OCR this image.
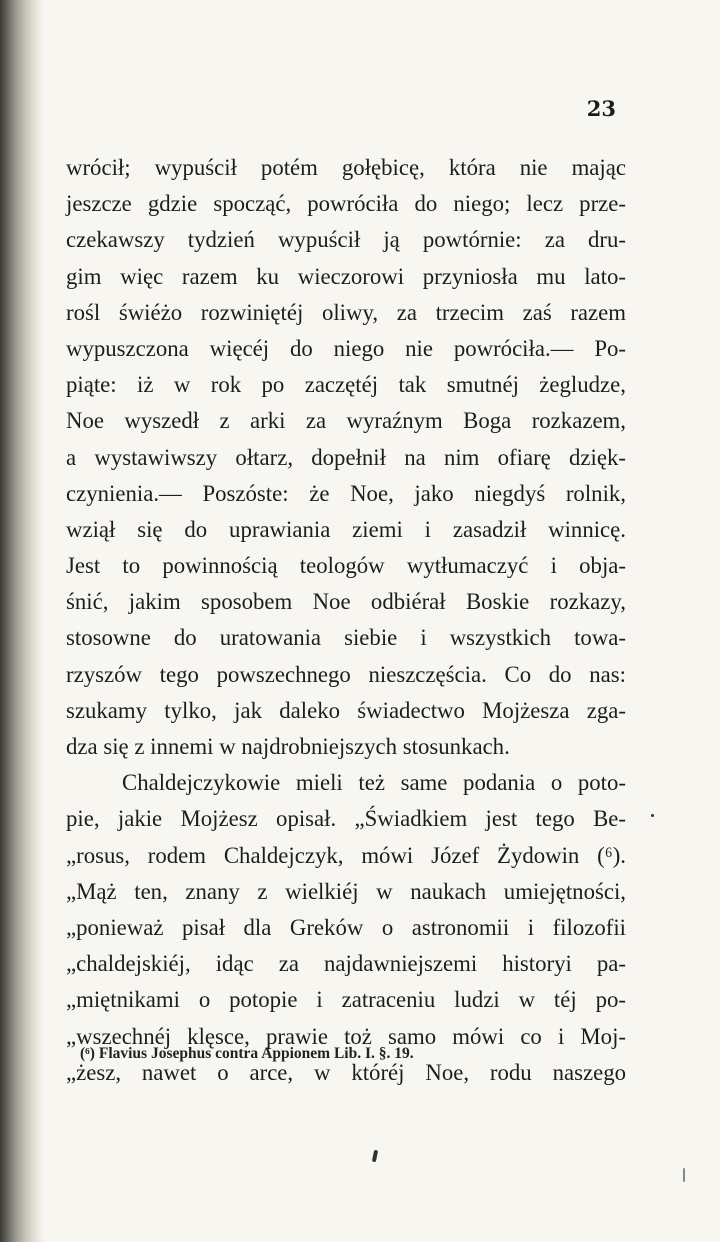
23
wrócił; wypuścił potém gołębicę, która nie mając
jeszcze gdzie spocząć, powróciła do niego; lecz prze-
czekawszy tydzień wypuścił ją powtórnie: za dru-
gim więc razem ku wieczorowi przyniosła mu lato-
rośl świéżo rozwiniętéj oliwy, za trzecim zaś razem
wypuszczona więcéj do niego nie powróciła.— Po-
piąte: iż w rok po zaczętéj tak smutnéj żegludze,
Noe wyszedł z arki za wyraźnym Boga rozkazem,
a wystawiwszy ołtarz, dopełnił na nim ofiarę dzięk-
czynienia.— Poszóste: że Noe, jako niegdyś rolnik,
wziął się do uprawiania ziemi i zasadził winnicę.
Jest to powinnością teologów wytłumaczyć i obja-
śnić, jakim sposobem Noe odbiérał Boskie rozkazy,
stosowne do uratowania siebie i wszystkich towa-
rzyszów tego powszechnego nieszczęścia. Co do nas:
szukamy tylko, jak daleko świadectwo Mojżesza zga-
dza się z innemi w najdrobniejszych stosunkach.
Chaldejczykowie mieli też same podania o poto-
pie, jakie Mojżesz opisał. „Świadkiem jest tego Be-
„rosus, rodem Chaldejczyk, mówi Józef Żydowin (⁶).
„Mąż ten, znany z wielkiéj w naukach umiejętności,
„ponieważ pisał dla Greków o astronomii i filozofii
„chaldejskiéj, idąc za najdawniejszemi historyi pa-
„miętnikami o potopie i zatraceniu ludzi w téj po-
„wszechnéj klęsce, prawie toż samo mówi co i Moj-
„żesz, nawet o arce, w któréj Noe, rodu naszego
(⁶) Flavius Josephus contra Appionem Lib. I. §. 19.
